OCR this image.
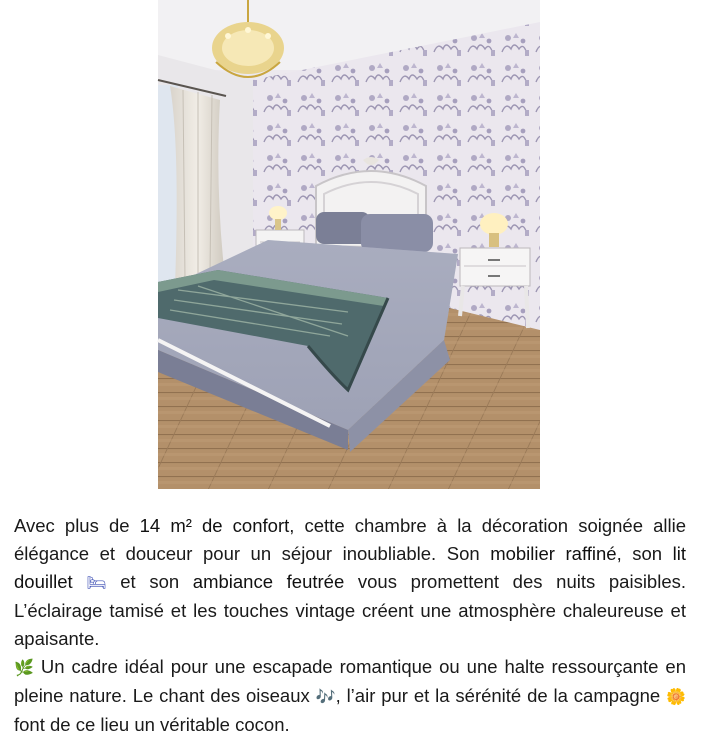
Avec plus de 14 m² de confort, cette chambre à la décoration soignée allie élégance et douceur pour un séjour inoubliable. Son mobilier raffiné, son lit douillet 🛏 et son ambiance feutrée vous promettent des nuits paisibles. L’éclairage tamisé et les touches vintage créent une atmosphère chaleureuse et apaisante.

🌿 Un cadre idéal pour une escapade romantique ou une halte ressourçante en pleine nature. Le chant des oiseaux 🎶, l’air pur et la sérénité de la campagne 🌼 font de ce lieu un véritable cocon.
